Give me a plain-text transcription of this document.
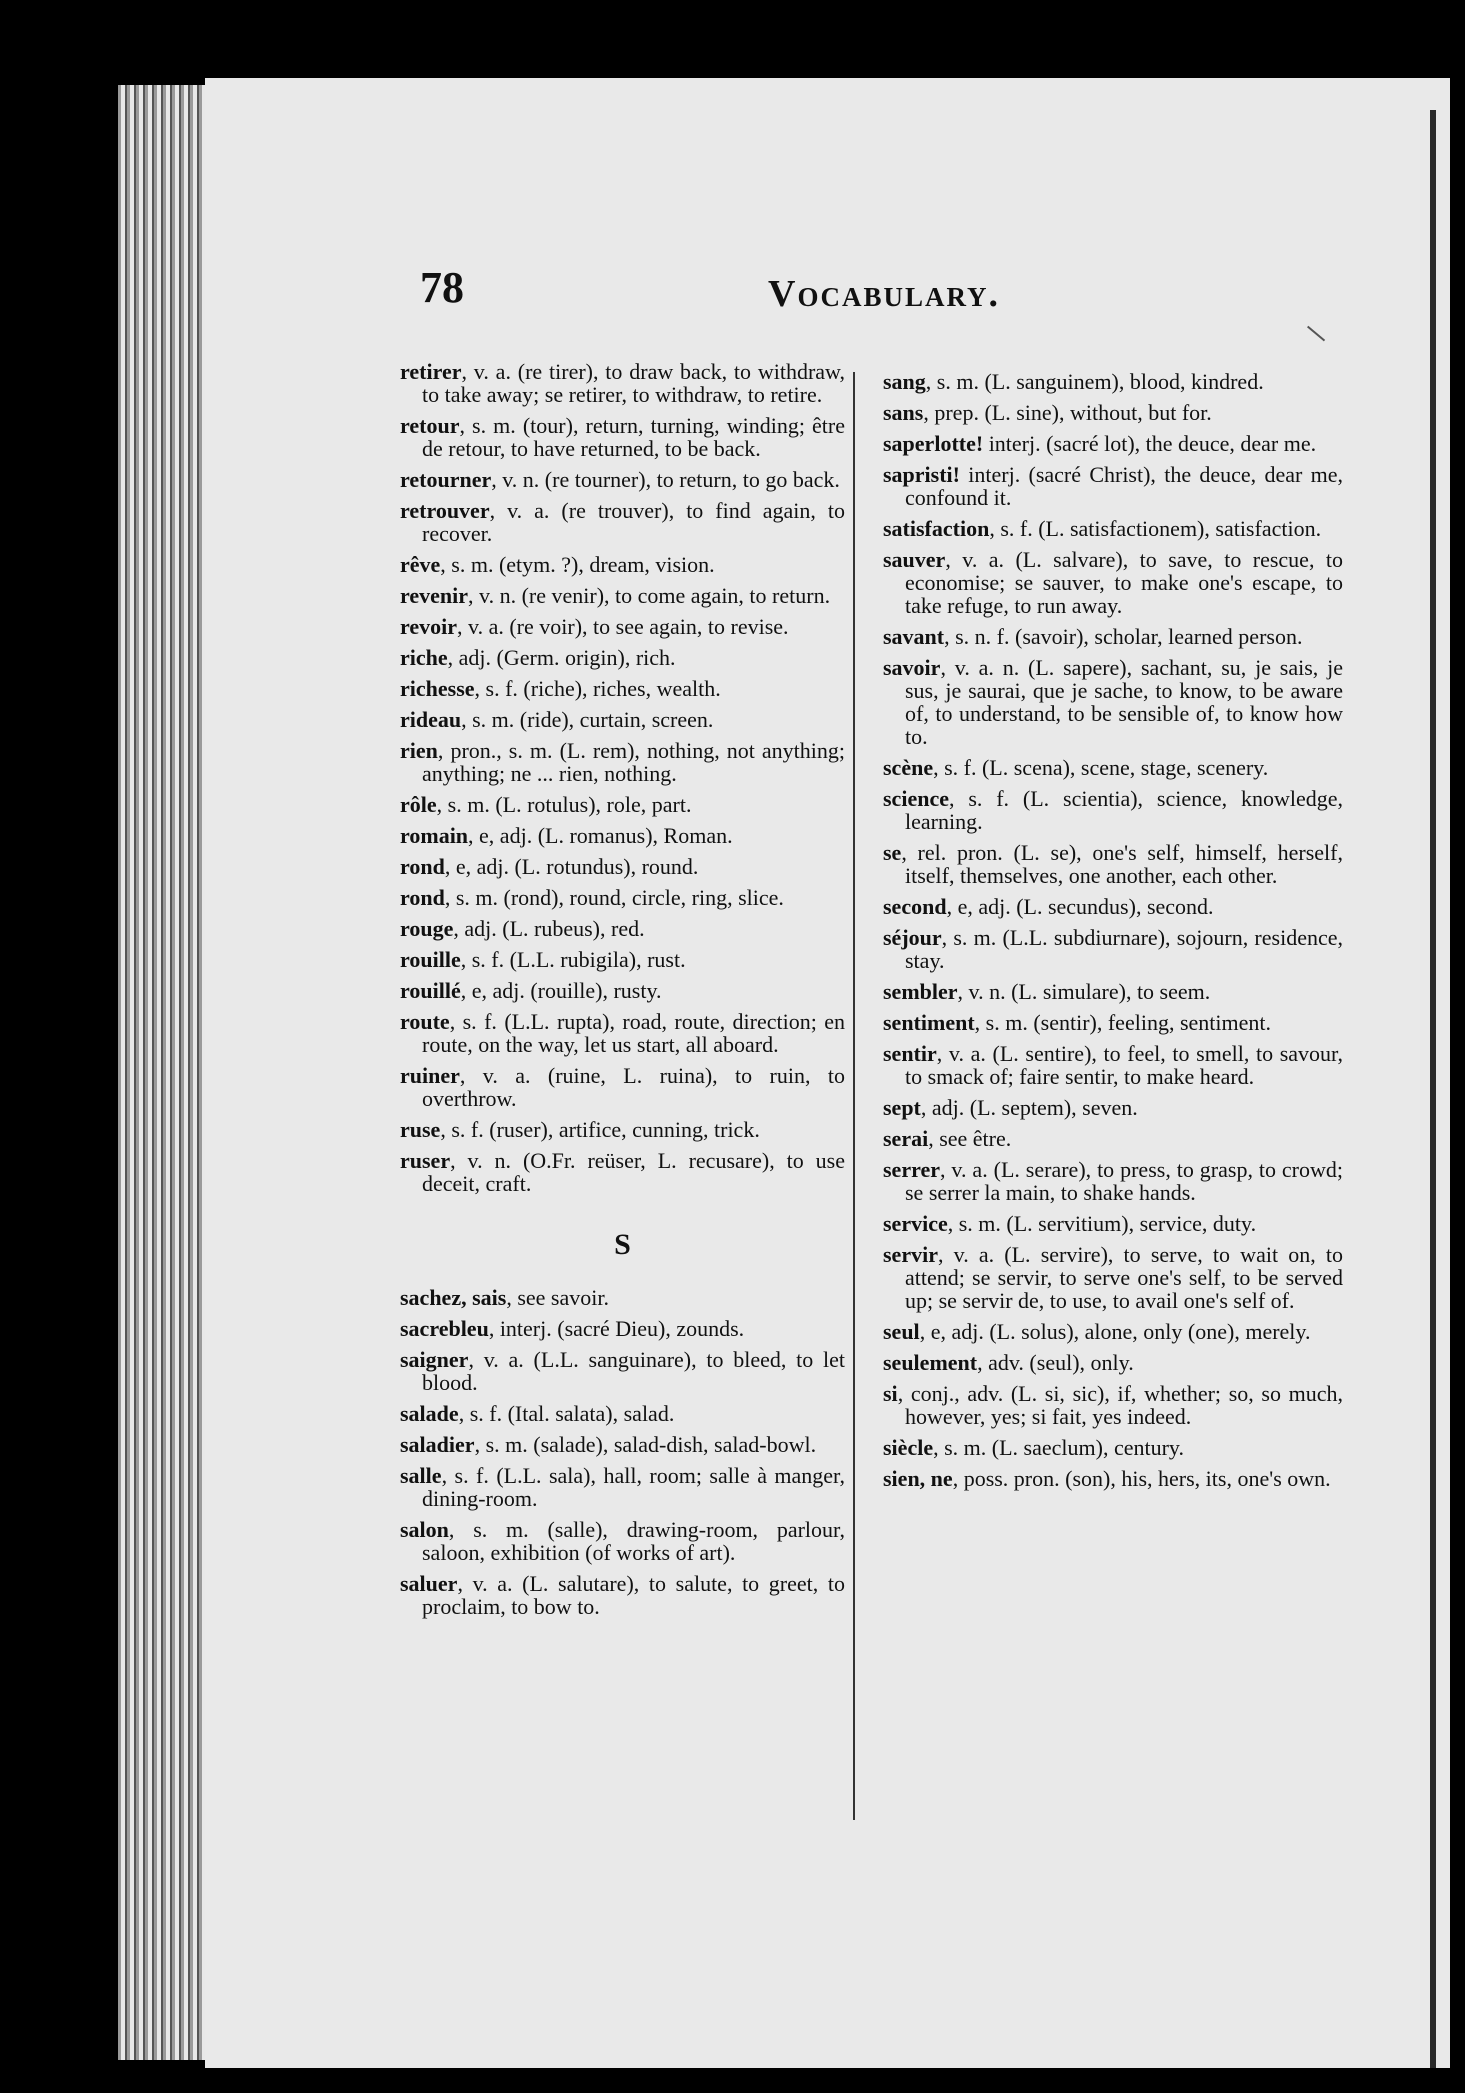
78	Vocabulary.

retirer, v. a. (re tirer), to draw back, to withdraw, to take away; se retirer, to withdraw, to retire.

retour, s. m. (tour), return, turning, winding; être de retour, to have returned, to be back.

retourner, v. n. (re tourner), to return, to go back.

retrouver, v. a. (re trouver), to find again, to recover.

rêve, s. m. (etym. ?), dream, vision.

revenir, v. n. (re venir), to come again, to return.

revoir, v. a. (re voir), to see again, to revise.

riche, adj. (Germ. origin), rich.

richesse, s. f. (riche), riches, wealth.

rideau, s. m. (ride), curtain, screen.

rien, pron., s. m. (L. rem), nothing, not anything; anything; ne ... rien, nothing.

rôle, s. m. (L. rotulus), role, part.

romain, e, adj. (L. romanus), Roman.

rond, e, adj. (L. rotundus), round.

rond, s. m. (rond), round, circle, ring, slice.

rouge, adj. (L. rubeus), red.

rouille, s. f. (L.L. rubigila), rust.

rouillé, e, adj. (rouille), rusty.

route, s. f. (L.L. rupta), road, route, direction; en route, on the way, let us start, all aboard.

ruiner, v. a. (ruine, L. ruina), to ruin, to overthrow.

ruse, s. f. (ruser), artifice, cunning, trick.

ruser, v. n. (O.Fr. reüser, L. recusare), to use deceit, craft.

S

sachez, sais, see savoir.

sacrebleu, interj. (sacré Dieu), zounds.

saigner, v. a. (L.L. sanguinare), to bleed, to let blood.

salade, s. f. (Ital. salata), salad.

saladier, s. m. (salade), salad-dish, salad-bowl.

salle, s. f. (L.L. sala), hall, room; salle à manger, dining-room.

salon, s. m. (salle), drawing-room, parlour, saloon, exhibition (of works of art).

saluer, v. a. (L. salutare), to salute, to greet, to proclaim, to bow to.

sang, s. m. (L. sanguinem), blood, kindred.

sans, prep. (L. sine), without, but for.

saperlotte! interj. (sacré lot), the deuce, dear me.

sapristi! interj. (sacré Christ), the deuce, dear me, confound it.

satisfaction, s. f. (L. satisfactionem), satisfaction.

sauver, v. a. (L. salvare), to save, to rescue, to economise; se sauver, to make one's escape, to take refuge, to run away.

savant, s. n. f. (savoir), scholar, learned person.

savoir, v. a. n. (L. sapere), sachant, su, je sais, je sus, je saurai, que je sache, to know, to be aware of, to understand, to be sensible of, to know how to.

scène, s. f. (L. scena), scene, stage, scenery.

science, s. f. (L. scientia), science, knowledge, learning.

se, rel. pron. (L. se), one's self, himself, herself, itself, themselves, one another, each other.

second, e, adj. (L. secundus), second.

séjour, s. m. (L.L. subdiurnare), sojourn, residence, stay.

sembler, v. n. (L. simulare), to seem.

sentiment, s. m. (sentir), feeling, sentiment.

sentir, v. a. (L. sentire), to feel, to smell, to savour, to smack of; faire sentir, to make heard.

sept, adj. (L. septem), seven.

serai, see être.

serrer, v. a. (L. serare), to press, to grasp, to crowd; se serrer la main, to shake hands.

service, s. m. (L. servitium), service, duty.

servir, v. a. (L. servire), to serve, to wait on, to attend; se servir, to serve one's self, to be served up; se servir de, to use, to avail one's self of.

seul, e, adj. (L. solus), alone, only (one), merely.

seulement, adv. (seul), only.

si, conj., adv. (L. si, sic), if, whether; so, so much, however, yes; si fait, yes indeed.

siècle, s. m. (L. saeclum), century.

sien, ne, poss. pron. (son), his, hers, its, one's own.
